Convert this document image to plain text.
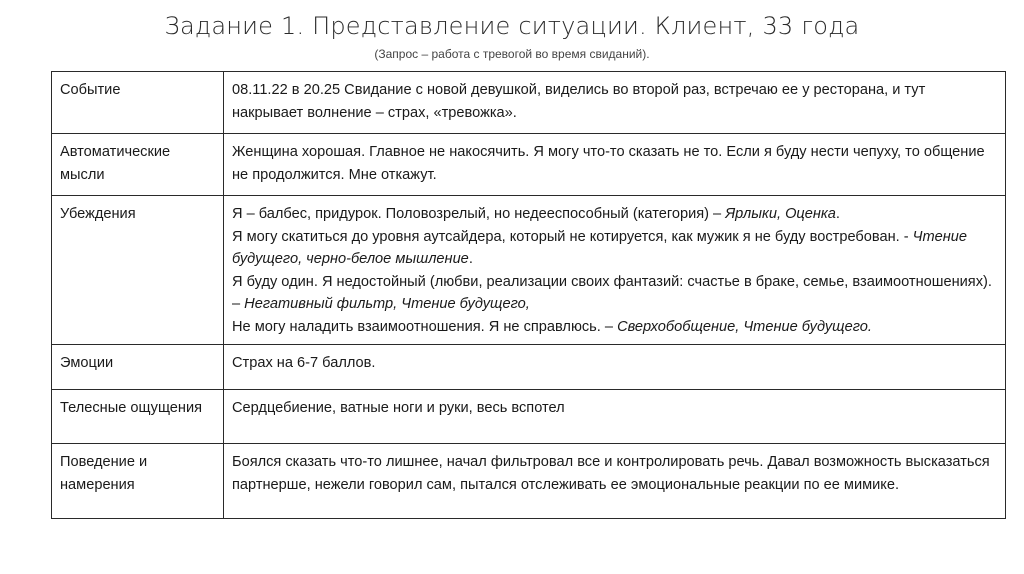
Задание 1. Представление ситуации. Клиент, 33 года
(Запрос – работа с тревогой во время свиданий).
Событие	08.11.22 в 20.25 Свидание с новой девушкой, виделись во второй раз, встречаю ее у ресторана, и тут накрывает волнение – страх, «тревожка».
Автоматические мысли	Женщина хорошая. Главное не накосячить. Я могу что-то сказать не то. Если я буду нести чепуху, то общение не продолжится. Мне откажут.
Убеждения	Я – балбес, придурок. Половозрелый, но недееспособный (категория) – Ярлыки, Оценка.
Я могу скатиться до уровня аутсайдера, который не котируется, как мужик я не буду востребован. - Чтение будущего, черно-белое мышление.
Я буду один. Я недостойный (любви, реализации своих фантазий: счастье в браке, семье, взаимоотношениях). – Негативный фильтр, Чтение будущего,
Не могу наладить взаимоотношения. Я не справлюсь. – Сверхобобщение, Чтение будущего.

Эмоции	Страх на 6-7 баллов.
Телесные ощущения	Сердцебиение, ватные ноги и руки, весь вспотел
Поведение и намерения	Боялся сказать что-то лишнее, начал фильтровал все и контролировать речь. Давал возможность высказаться партнерше, нежели говорил сам, пытался отслеживать ее эмоциональные реакции по ее мимике.
